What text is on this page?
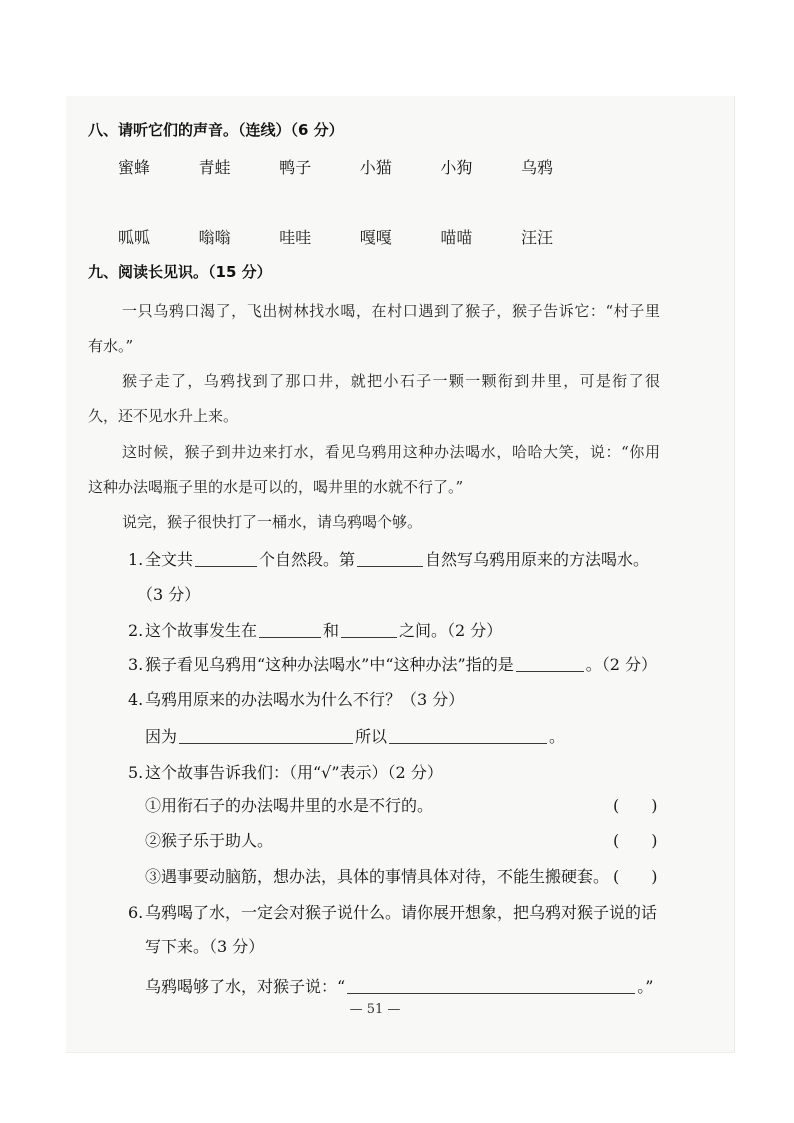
八、请听它们的声音。（连线）（6 分）
蜜蜂	青蛙	鸭子	小猫	小狗	乌鸦
呱呱	嗡嗡	哇哇	嘎嘎	喵喵	汪汪
九、阅读长见识。（15 分）
一只乌鸦口渴了，飞出树林找水喝，在村口遇到了猴子，猴子告诉它：“村子里
有水。”
猴子走了，乌鸦找到了那口井，就把小石子一颗一颗衔到井里，可是衔了很
久，还不见水升上来。
这时候，猴子到井边来打水，看见乌鸦用这种办法喝水，哈哈大笑，说：“你用
这种办法喝瓶子里的水是可以的，喝井里的水就不行了。”
说完，猴子很快打了一桶水，请乌鸦喝个够。
1. 全文共	个自然段。第	自然写乌鸦用原来的方法喝水。
（3 分）
2. 这个故事发生在	和	之间。（2 分）
3. 猴子看见乌鸦用“这种办法喝水”中“这种办法”指的是	。（2 分）
4. 乌鸦用原来的办法喝水为什么不行？（3 分）
因为	所以	。
5. 这个故事告诉我们：（用“√”表示）（2 分）
①用衔石子的办法喝井里的水是不行的。	(　　)
②猴子乐于助人。	(　　)
③遇事要动脑筋，想办法，具体的事情具体对待，不能生搬硬套。 (　　)
6. 乌鸦喝了水，一定会对猴子说什么。请你展开想象，把乌鸦对猴子说的话
写下来。（3 分）
乌鸦喝够了水，对猴子说：“	。”
— 51 —
